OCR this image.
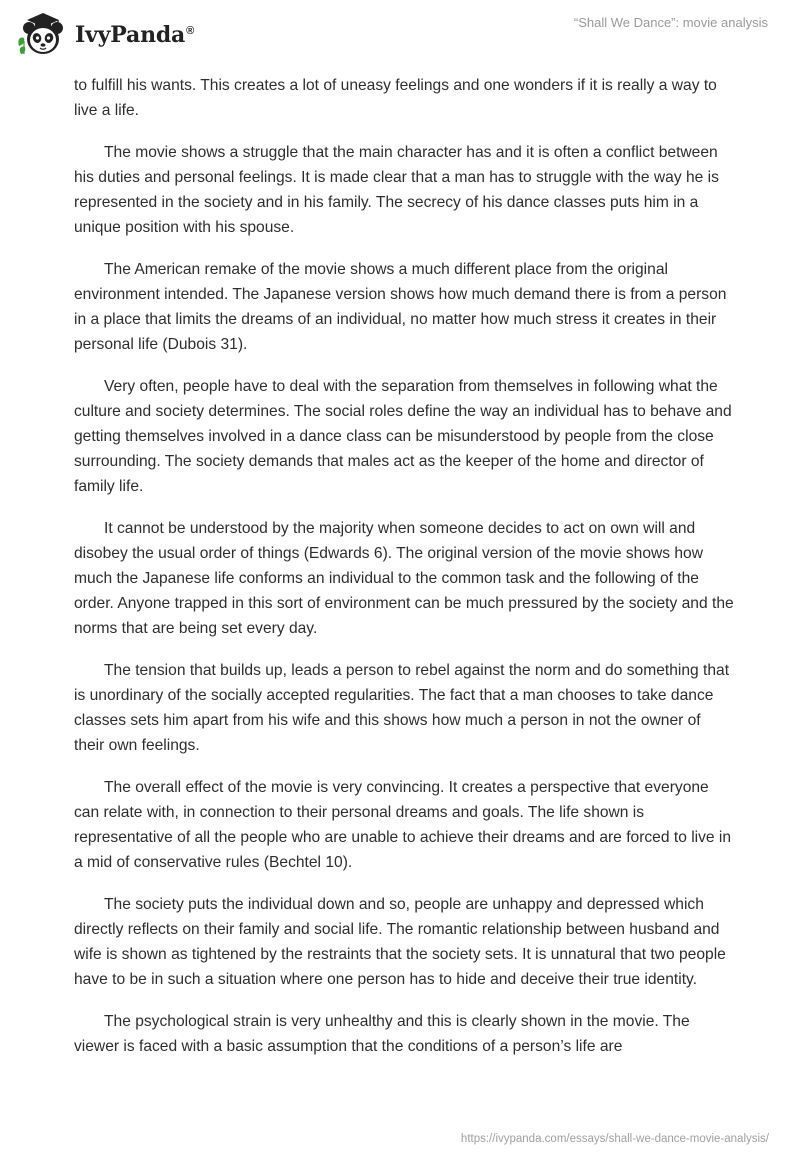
IvyPanda®
“Shall We Dance”: movie analysis

to fulfill his wants. This creates a lot of uneasy feelings and one wonders if it is really a way to live a life.

The movie shows a struggle that the main character has and it is often a conflict between his duties and personal feelings. It is made clear that a man has to struggle with the way he is represented in the society and in his family. The secrecy of his dance classes puts him in a unique position with his spouse.

The American remake of the movie shows a much different place from the original environment intended. The Japanese version shows how much demand there is from a person in a place that limits the dreams of an individual, no matter how much stress it creates in their personal life (Dubois 31).

Very often, people have to deal with the separation from themselves in following what the culture and society determines. The social roles define the way an individual has to behave and getting themselves involved in a dance class can be misunderstood by people from the close surrounding. The society demands that males act as the keeper of the home and director of family life.

It cannot be understood by the majority when someone decides to act on own will and disobey the usual order of things (Edwards 6). The original version of the movie shows how much the Japanese life conforms an individual to the common task and the following of the order. Anyone trapped in this sort of environment can be much pressured by the society and the norms that are being set every day.

The tension that builds up, leads a person to rebel against the norm and do something that is unordinary of the socially accepted regularities. The fact that a man chooses to take dance classes sets him apart from his wife and this shows how much a person in not the owner of their own feelings.

The overall effect of the movie is very convincing. It creates a perspective that everyone can relate with, in connection to their personal dreams and goals. The life shown is representative of all the people who are unable to achieve their dreams and are forced to live in a mid of conservative rules (Bechtel 10).

The society puts the individual down and so, people are unhappy and depressed which directly reflects on their family and social life. The romantic relationship between husband and wife is shown as tightened by the restraints that the society sets. It is unnatural that two people have to be in such a situation where one person has to hide and deceive their true identity.

The psychological strain is very unhealthy and this is clearly shown in the movie. The viewer is faced with a basic assumption that the conditions of a person’s life are

https://ivypanda.com/essays/shall-we-dance-movie-analysis/
